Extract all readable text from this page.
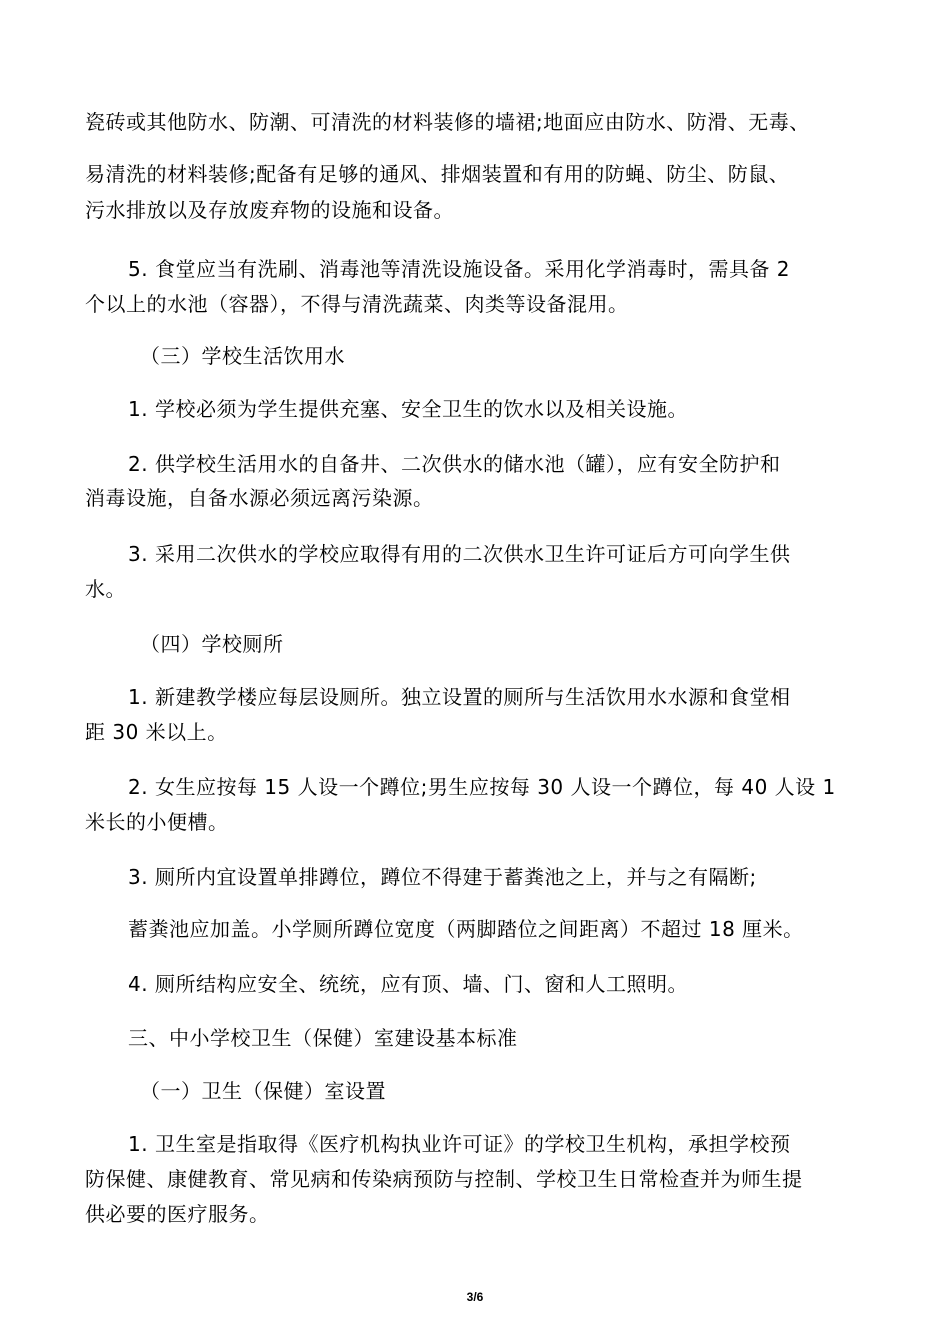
瓷砖或其他防水、防潮、可清洗的材料装修的墙裙;地面应由防水、防滑、无毒、

易清洗的材料装修;配备有足够的通风、排烟装置和有用的防蝇、防尘、防鼠、

污水排放以及存放废弃物的设施和设备。

5. 食堂应当有洗刷、消毒池等清洗设施设备。采用化学消毒时，需具备 2

个以上的水池（容器），不得与清洗蔬菜、肉类等设备混用。

（三）学校生活饮用水

1. 学校必须为学生提供充塞、安全卫生的饮水以及相关设施。

2. 供学校生活用水的自备井、二次供水的储水池（罐），应有安全防护和

消毒设施，自备水源必须远离污染源。

3. 采用二次供水的学校应取得有用的二次供水卫生许可证后方可向学生供

水。

（四）学校厕所

1. 新建教学楼应每层设厕所。独立设置的厕所与生活饮用水水源和食堂相

距 30 米以上。

2. 女生应按每 15 人设一个蹲位;男生应按每 30 人设一个蹲位，每 40 人设 1

米长的小便槽。

3. 厕所内宜设置单排蹲位，蹲位不得建于蓄粪池之上，并与之有隔断;

蓄粪池应加盖。小学厕所蹲位宽度（两脚踏位之间距离）不超过 18 厘米。

4. 厕所结构应安全、统统，应有顶、墙、门、窗和人工照明。

三、中小学校卫生（保健）室建设基本标准

（一）卫生（保健）室设置

1. 卫生室是指取得《医疗机构执业许可证》的学校卫生机构，承担学校预

防保健、康健教育、常见病和传染病预防与控制、学校卫生日常检查并为师生提

供必要的医疗服务。

3/6
